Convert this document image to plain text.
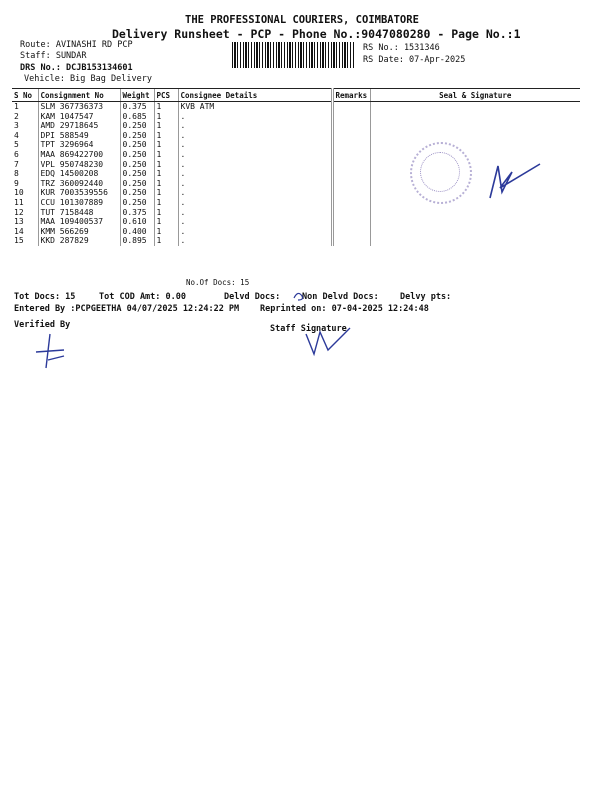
THE PROFESSIONAL COURIERS, COIMBATORE
Delivery Runsheet - PCP - Phone No.:9047080280 - Page No.:1
Route: AVINASHI RD PCP
Staff: SUNDAR
DRS No.: DCJB153134601
Vehicle: Big Bag Delivery
RS No.: 1531346
RS Date: 07-Apr-2025
S No	Consignment No	Weight	PCS	Consignee Details	Remarks	Seal & Signature
1	SLM 367736373	0.375	1	KVB ATM		
2	KAM 1047547	0.685	1	.		
3	AMD 29718645	0.250	1	.		
4	DPI 588549	0.250	1	.		
5	TPT 3296964	0.250	1	.		
6	MAA 869422700	0.250	1	.		
7	VPL 950748230	0.250	1	.		
8	EDQ 14500208	0.250	1	.		
9	TRZ 360092440	0.250	1	.		
10	KUR 7003539556	0.250	1	.		
11	CCU 101307889	0.250	1	.		
12	TUT 7158448	0.375	1	.		
13	MAA 109400537	0.610	1	.		
14	KMM 566269	0.400	1	.		
15	KKD 287829	0.895	1	.		
No.Of Docs: 15
Tot Docs: 15	Tot COD Amt: 0.00	Delvd Docs:	Non Delvd Docs: Delvy pts:
Entered By :PCPGEETHA 04/07/2025 12:24:22 PM Reprinted on: 07-04-2025 12:24:48
Verified By	Staff Signature
